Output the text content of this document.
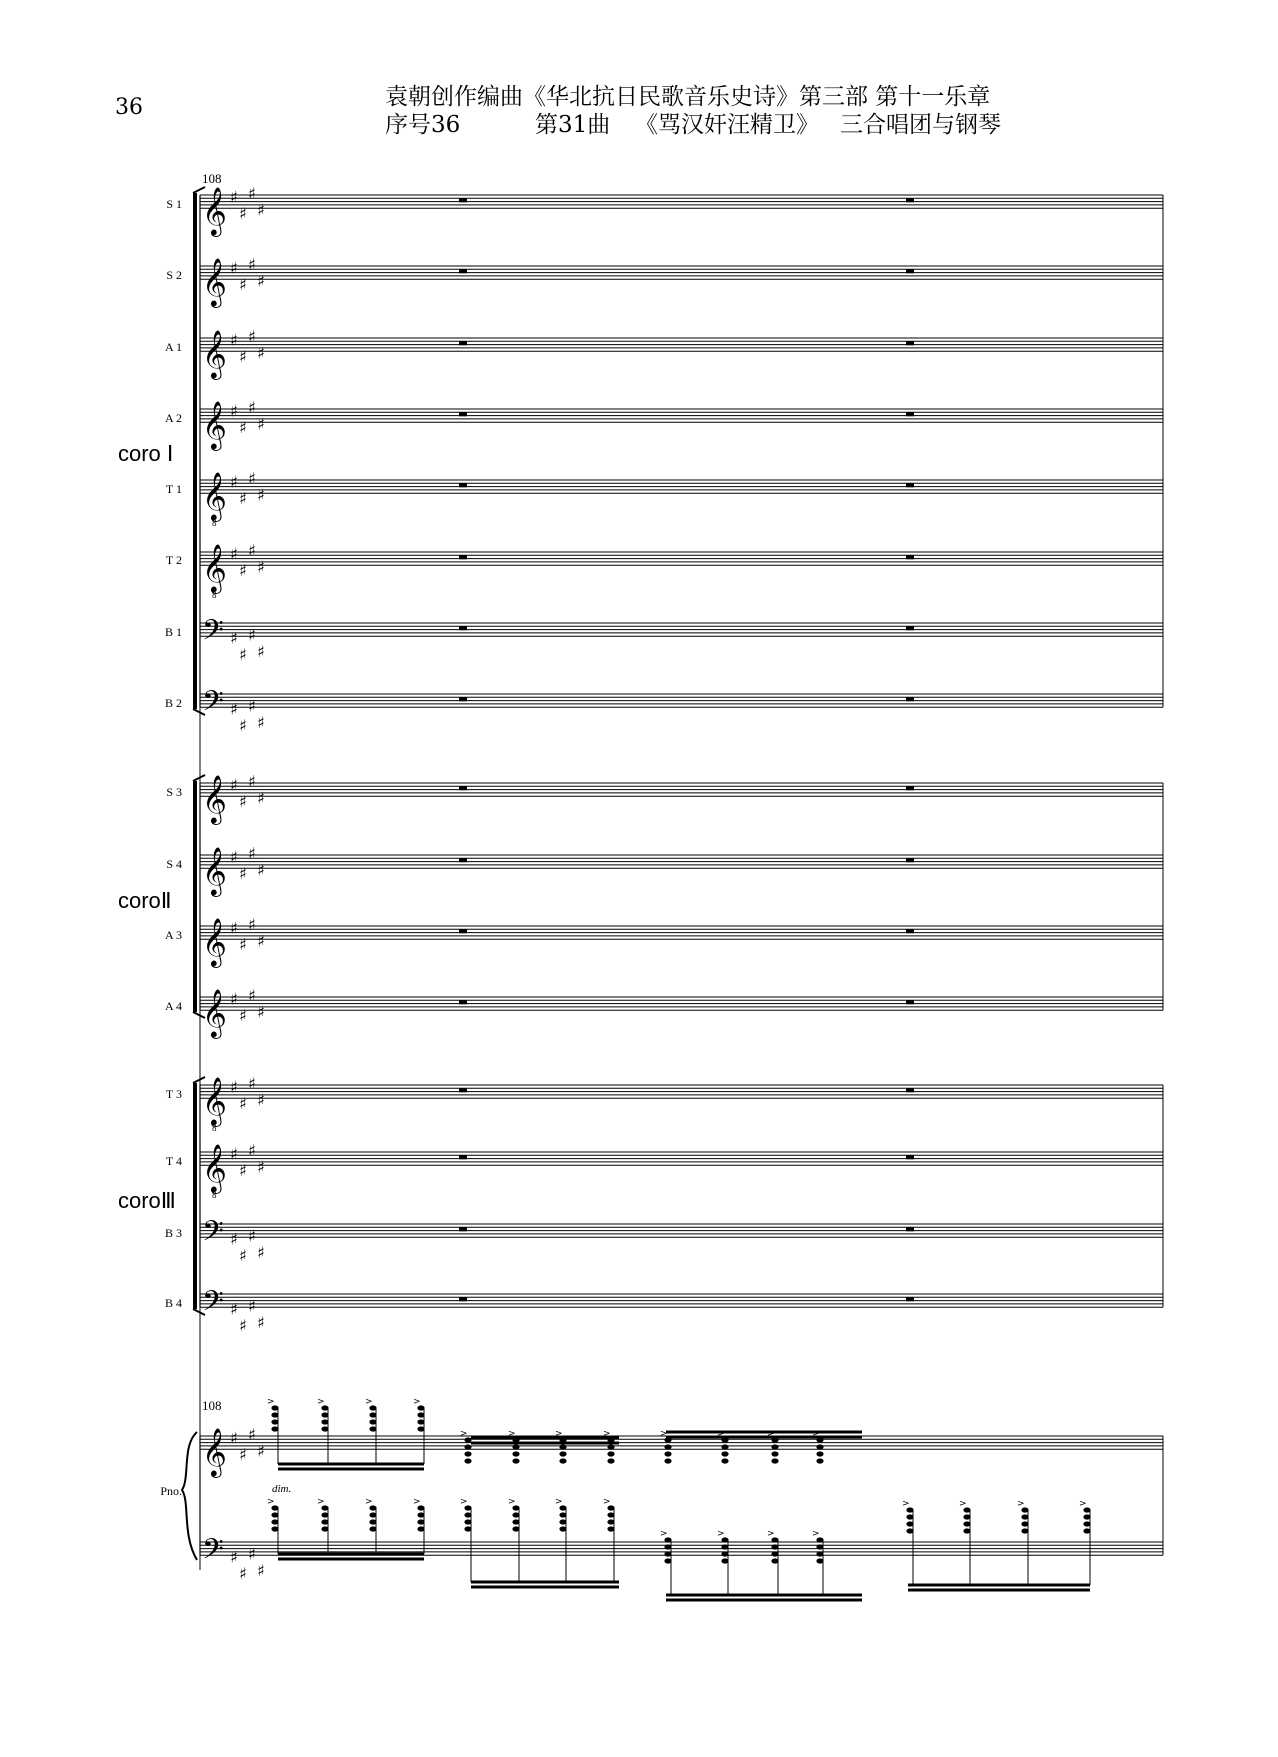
36	袁朝创作编曲《华北抗日民歌音乐史诗》第三部 第十一乐章
序号36	第31曲 《骂汉奸汪精卫》 三合唱团与钢琴
108
108
dim.
S 1
S 2
A 1
A 2
coro Ⅰ
T 1
T 2
B 1
B 2
S 3
S 4
coroⅡ
A 3
A 4
T 3
T 4
coroⅢ
B 3
B 4
Pno.
𝄞 ♯
♯
♯
♯
𝄞 ♯
♯
♯
♯
𝄞 ♯
♯
♯
♯
𝄞 ♯
♯
♯
♯
𝄞
8
♯
♯
♯
♯
𝄞
8
♯
♯
♯
♯
𝄢 ♯
♯
♯
♯
𝄢 ♯
♯
♯
♯
𝄞 ♯
♯
♯
♯
𝄞 ♯
♯
♯
♯
𝄞 ♯
♯
♯
♯
𝄞 ♯
♯
♯
♯
𝄞
8
♯
♯
♯
♯
𝄞
8
♯
♯
♯
♯
𝄢 ♯
♯
♯
♯
𝄢 ♯
♯
♯
♯
𝄞
𝄢
♯
♯
♯
♯
♯
♯
♯
♯
>	>	>	>
>	>	>	>	>	>	>	>
>	>	>	>	>	>	>	>
>	>	>	>
>	>	>	>
